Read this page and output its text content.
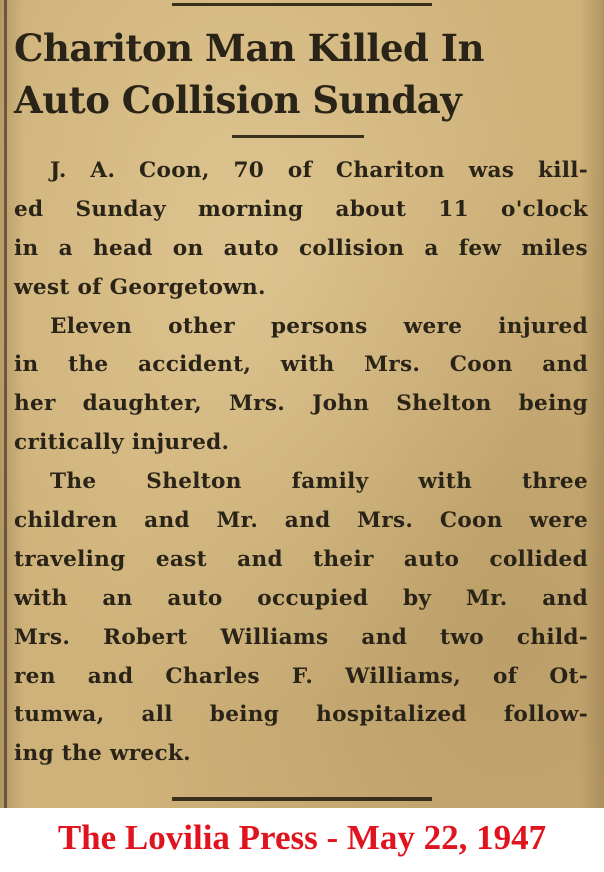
Chariton Man Killed In
Auto Collision Sunday
J. A. Coon, 70 of Chariton was kill-
ed Sunday morning about 11 o'clock
in a head on auto collision a few miles
west of Georgetown.
Eleven other persons were injured
in the accident, with Mrs. Coon and
her daughter, Mrs. John Shelton being
critically injured.
The Shelton family with three
children and Mr. and Mrs. Coon were
traveling east and their auto collided
with an auto occupied by Mr. and
Mrs. Robert Williams and two child-
ren and Charles F. Williams, of Ot-
tumwa, all being hospitalized follow-
ing the wreck.
The Lovilia Press - May 22, 1947
